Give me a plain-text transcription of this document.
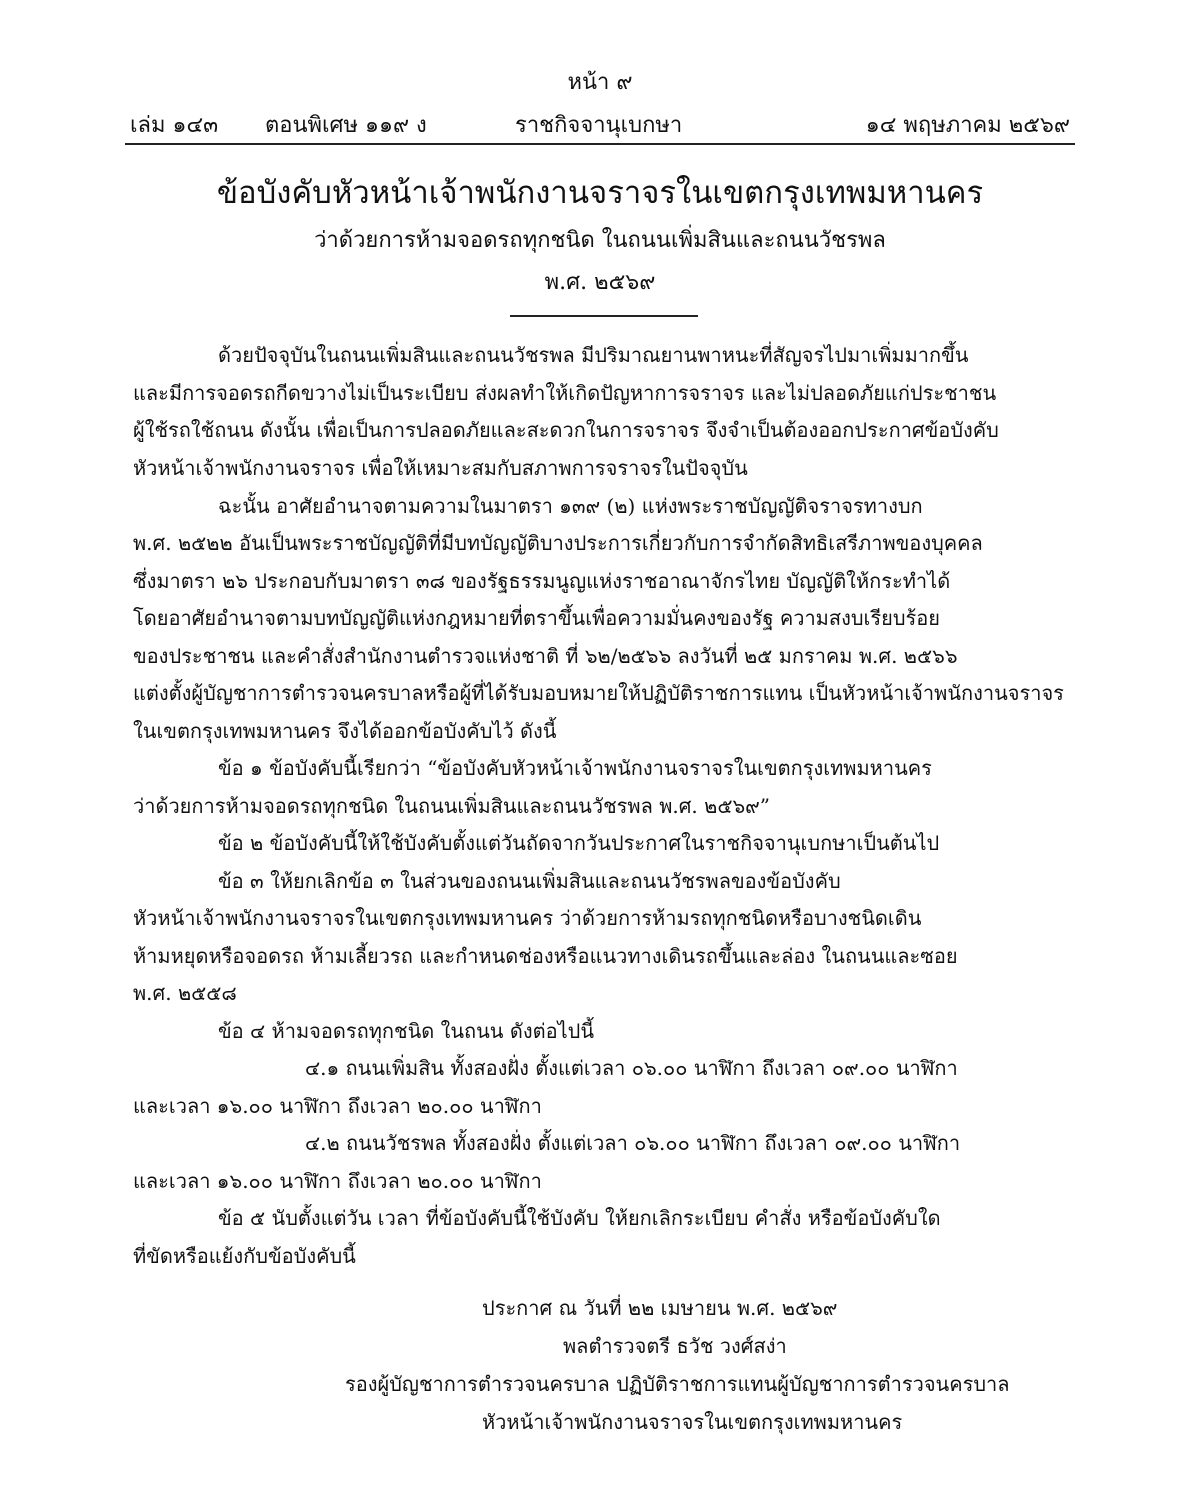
หน้า ๙
เล่ม ๑๔๓ ตอนพิเศษ ๑๑๙ ง	ราชกิจจานุเบกษา	๑๔ พฤษภาคม ๒๕๖๙
ข้อบังคับหัวหน้าเจ้าพนักงานจราจรในเขตกรุงเทพมหานคร
ว่าด้วยการห้ามจอดรถทุกชนิด ในถนนเพิ่มสินและถนนวัชรพล
พ.ศ. ๒๕๖๙
ด้วยปัจจุบันในถนนเพิ่มสินและถนนวัชรพล มีปริมาณยานพาหนะที่สัญจรไปมาเพิ่มมากขึ้น
และมีการจอดรถกีดขวางไม่เป็นระเบียบ ส่งผลทำให้เกิดปัญหาการจราจร และไม่ปลอดภัยแก่ประชาชน
ผู้ใช้รถใช้ถนน ดังนั้น เพื่อเป็นการปลอดภัยและสะดวกในการจราจร จึงจำเป็นต้องออกประกาศข้อบังคับ
หัวหน้าเจ้าพนักงานจราจร เพื่อให้เหมาะสมกับสภาพการจราจรในปัจจุบัน
ฉะนั้น อาศัยอำนาจตามความในมาตรา ๑๓๙ (๒) แห่งพระราชบัญญัติจราจรทางบก
พ.ศ. ๒๕๒๒ อันเป็นพระราชบัญญัติที่มีบทบัญญัติบางประการเกี่ยวกับการจำกัดสิทธิเสรีภาพของบุคคล
ซึ่งมาตรา ๒๖ ประกอบกับมาตรา ๓๘ ของรัฐธรรมนูญแห่งราชอาณาจักรไทย บัญญัติให้กระทำได้
โดยอาศัยอำนาจตามบทบัญญัติแห่งกฎหมายที่ตราขึ้นเพื่อความมั่นคงของรัฐ ความสงบเรียบร้อย
ของประชาชน และคำสั่งสำนักงานตำรวจแห่งชาติ ที่ ๖๒/๒๕๖๖ ลงวันที่ ๒๕ มกราคม พ.ศ. ๒๕๖๖
แต่งตั้งผู้บัญชาการตำรวจนครบาลหรือผู้ที่ได้รับมอบหมายให้ปฏิบัติราชการแทน เป็นหัวหน้าเจ้าพนักงานจราจร
ในเขตกรุงเทพมหานคร จึงได้ออกข้อบังคับไว้ ดังนี้
ข้อ ๑ ข้อบังคับนี้เรียกว่า “ข้อบังคับหัวหน้าเจ้าพนักงานจราจรในเขตกรุงเทพมหานคร
ว่าด้วยการห้ามจอดรถทุกชนิด ในถนนเพิ่มสินและถนนวัชรพล พ.ศ. ๒๕๖๙”
ข้อ ๒ ข้อบังคับนี้ให้ใช้บังคับตั้งแต่วันถัดจากวันประกาศในราชกิจจานุเบกษาเป็นต้นไป
ข้อ ๓ ให้ยกเลิกข้อ ๓ ในส่วนของถนนเพิ่มสินและถนนวัชรพลของข้อบังคับ
หัวหน้าเจ้าพนักงานจราจรในเขตกรุงเทพมหานคร ว่าด้วยการห้ามรถทุกชนิดหรือบางชนิดเดิน
ห้ามหยุดหรือจอดรถ ห้ามเลี้ยวรถ และกำหนดช่องหรือแนวทางเดินรถขึ้นและล่อง ในถนนและซอย
พ.ศ. ๒๕๕๘
ข้อ ๔ ห้ามจอดรถทุกชนิด ในถนน ดังต่อไปนี้
๔.๑ ถนนเพิ่มสิน ทั้งสองฝั่ง ตั้งแต่เวลา ๐๖.๐๐ นาฬิกา ถึงเวลา ๐๙.๐๐ นาฬิกา
และเวลา ๑๖.๐๐ นาฬิกา ถึงเวลา ๒๐.๐๐ นาฬิกา
๔.๒ ถนนวัชรพล ทั้งสองฝั่ง ตั้งแต่เวลา ๐๖.๐๐ นาฬิกา ถึงเวลา ๐๙.๐๐ นาฬิกา
และเวลา ๑๖.๐๐ นาฬิกา ถึงเวลา ๒๐.๐๐ นาฬิกา
ข้อ ๕ นับตั้งแต่วัน เวลา ที่ข้อบังคับนี้ใช้บังคับ ให้ยกเลิกระเบียบ คำสั่ง หรือข้อบังคับใด
ที่ขัดหรือแย้งกับข้อบังคับนี้
ประกาศ ณ วันที่ ๒๒ เมษายน พ.ศ. ๒๕๖๙
พลตำรวจตรี ธวัช วงศ์สง่า
รองผู้บัญชาการตำรวจนครบาล ปฏิบัติราชการแทนผู้บัญชาการตำรวจนครบาล
หัวหน้าเจ้าพนักงานจราจรในเขตกรุงเทพมหานคร
